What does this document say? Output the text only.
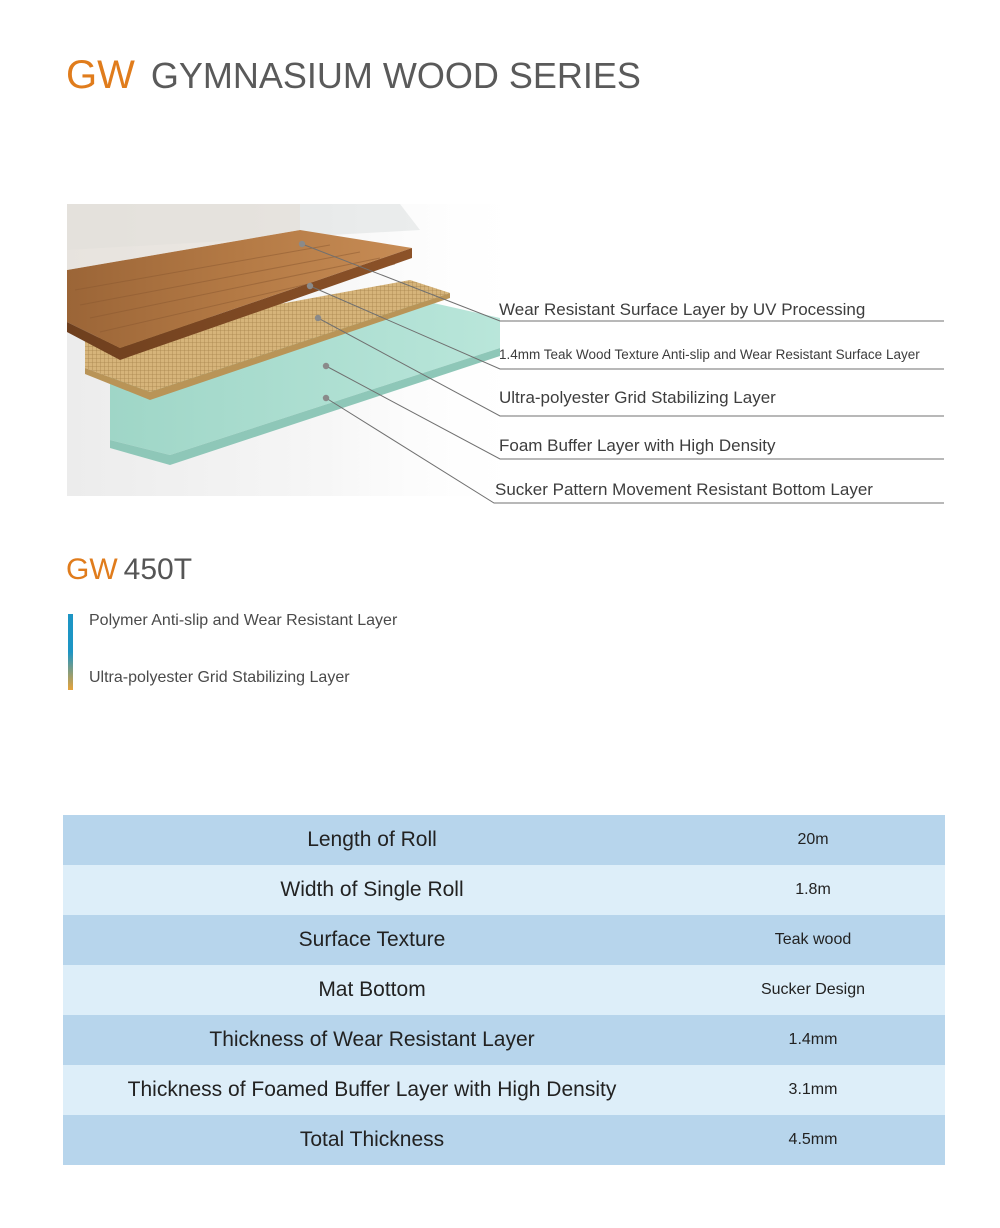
GW GYMNASIUM WOOD SERIES
Wear Resistant Surface Layer by UV Processing
1.4mm Teak Wood Texture Anti-slip and Wear Resistant Surface Layer
Ultra-polyester Grid Stabilizing Layer
Foam Buffer Layer with High Density
Sucker Pattern Movement Resistant Bottom Layer
GW 450T
Polymer Anti-slip and Wear Resistant Layer
Ultra-polyester Grid Stabilizing Layer
Length of Roll	20m
Width of Single Roll	1.8m
Surface Texture	Teak wood
Mat Bottom	Sucker Design
Thickness of Wear Resistant Layer	1.4mm
Thickness of Foamed Buffer Layer with High Density	3.1mm
Total Thickness	4.5mm
